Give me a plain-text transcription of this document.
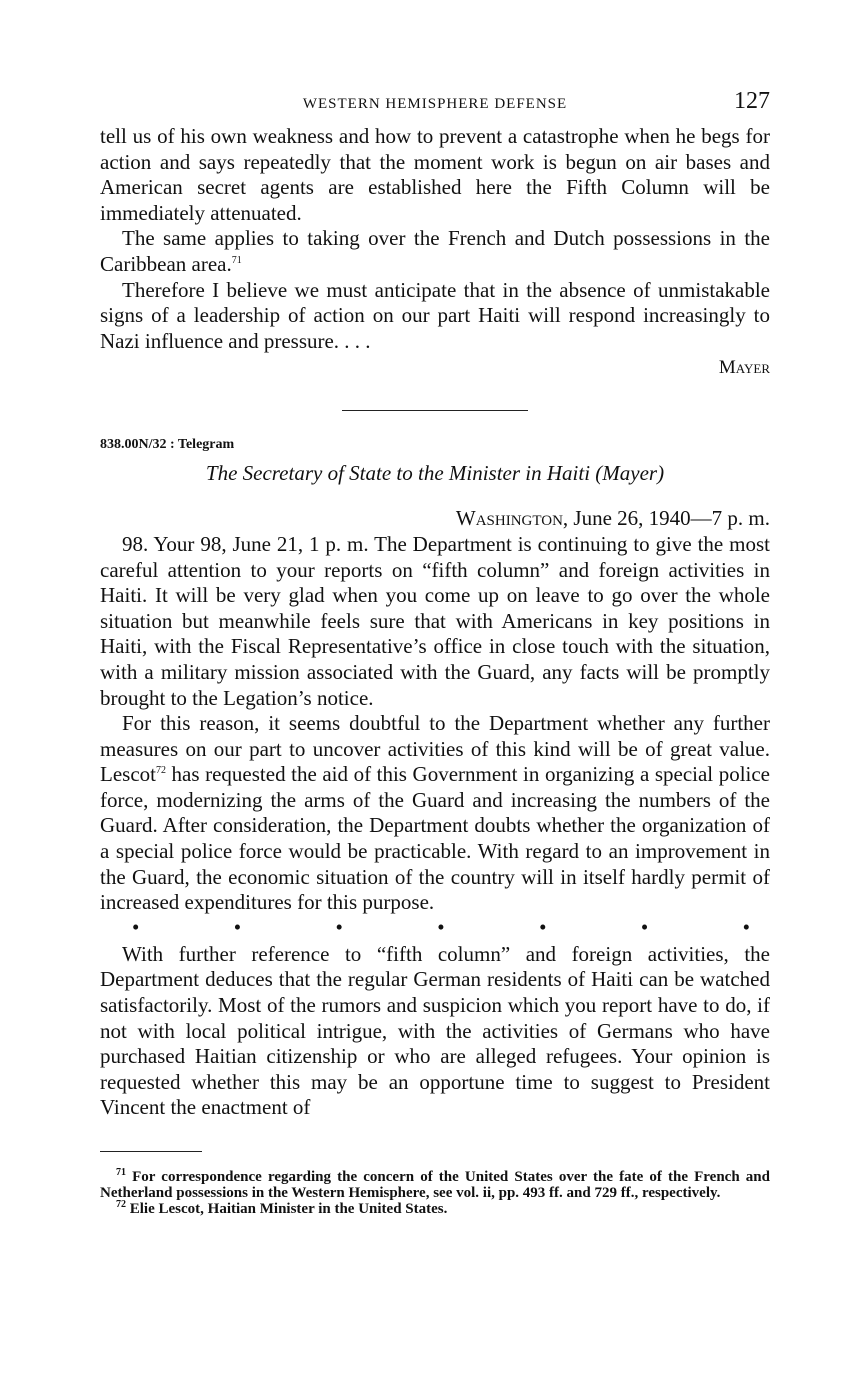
WESTERN HEMISPHERE DEFENSE	127

tell us of his own weakness and how to prevent a catastrophe when he begs for action and says repeatedly that the moment work is begun on air bases and American secret agents are established here the Fifth Column will be immediately attenuated.

The same applies to taking over the French and Dutch possessions in the Caribbean area.$^{71}$

Therefore I believe we must anticipate that in the absence of unmistakable signs of a leadership of action on our part Haiti will respond increasingly to Nazi influence and pressure. . . .

Mayer
838.00N/32 : Telegram
The Secretary of State to the Minister in Haiti (Mayer)
Washington, June 26, 1940—7 p. m.

98. Your 98, June 21, 1 p. m. The Department is continuing to give the most careful attention to your reports on “fifth column” and foreign activities in Haiti. It will be very glad when you come up on leave to go over the whole situation but meanwhile feels sure that with Americans in key positions in Haiti, with the Fiscal Representative’s office in close touch with the situation, with a military mission associated with the Guard, any facts will be promptly brought to the Legation’s notice.

For this reason, it seems doubtful to the Department whether any further measures on our part to uncover activities of this kind will be of great value. Lescot$^{72}$ has requested the aid of this Government in organizing a special police force, modernizing the arms of the Guard and increasing the numbers of the Guard. After consideration, the Department doubts whether the organization of a special police force would be practicable. With regard to an improvement in the Guard, the economic situation of the country will in itself hardly permit of increased expenditures for this purpose.

•	•	•	•	•	•	•

With further reference to “fifth column” and foreign activities, the Department deduces that the regular German residents of Haiti can be watched satisfactorily. Most of the rumors and suspicion which you report have to do, if not with local political intrigue, with the activities of Germans who have purchased Haitian citizenship or who are alleged refugees. Your opinion is requested whether this may be an opportune time to suggest to President Vincent the enactment of

$^{71}$ For correspondence regarding the concern of the United States over the fate of the French and Netherland possessions in the Western Hemisphere, see vol. ii, pp. 493 ff. and 729 ff., respectively.

$^{72}$ Elie Lescot, Haitian Minister in the United States.
